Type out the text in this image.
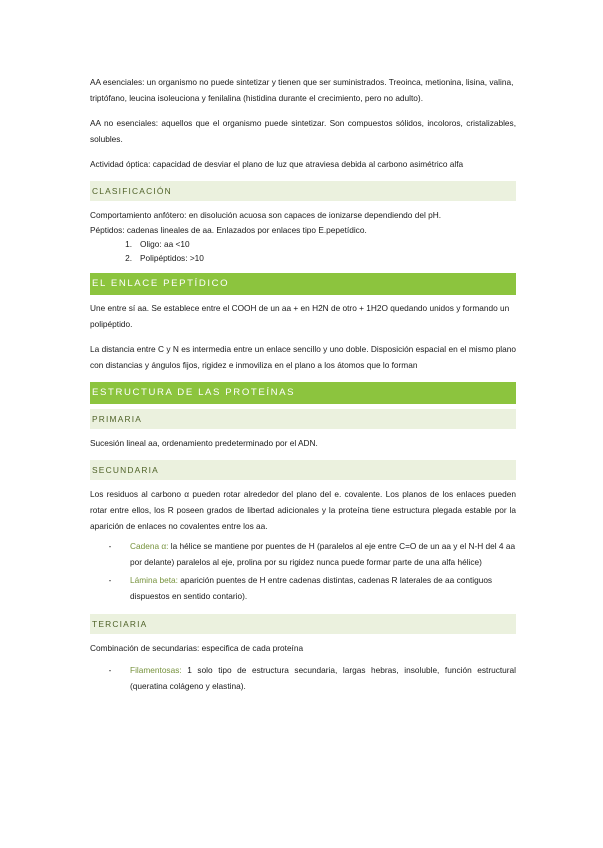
AA esenciales: un organismo no puede sintetizar y tienen que ser suministrados. Treoinca, metionina, lisina, valina, triptófano, leucina isoleuciona y fenilalina (histidina durante el crecimiento, pero no adulto).

AA no esenciales: aquellos que el organismo puede sintetizar. Son compuestos sólidos, incoloros, cristalizables, solubles.

Actividad óptica: capacidad de desviar el plano de luz que atraviesa debida al carbono asimétrico alfa

CLASIFICACIÓN

Comportamiento anfótero: en disolución acuosa son capaces de ionizarse dependiendo del pH.

Péptidos: cadenas lineales de aa. Enlazados por enlaces tipo E.pepetídico.

1. Oligo: aa <10
2. Polipéptidos: >10
EL ENLACE PEPTÍDICO

Une entre sí aa. Se establece entre el COOH de un aa + en H2N de otro + 1H2O quedando unidos y formando un polipéptido.

La distancia entre C y N es intermedia entre un enlace sencillo y uno doble. Disposición espacial en el mismo plano con distancias y ángulos fijos, rigidez e inmoviliza en el plano a los átomos que lo forman

ESTRUCTURA DE LAS PROTEÍNAS
PRIMARIA

Sucesión lineal aa, ordenamiento predeterminado por el ADN.

SECUNDARIA

Los residuos al carbono α pueden rotar alrededor del plano del e. covalente. Los planos de los enlaces pueden rotar entre ellos, los R poseen grados de libertad adicionales y la proteína tiene estructura plegada estable por la aparición de enlaces no covalentes entre los aa.

-	Cadena α: la hélice se mantiene por puentes de H (paralelos al eje entre C=O de un aa y el N-H del 4 aa por delante) paralelos al eje, prolina por su rigidez nunca puede formar parte de una alfa hélice)
-	Lámina beta: aparición puentes de H entre cadenas distintas, cadenas R laterales de aa contiguos dispuestos en sentido contario).
TERCIARIA

Combinación de secundarias: especifica de cada proteína

-	Filamentosas: 1 solo tipo de estructura secundaria, largas hebras, insoluble, función estructural (queratina colágeno y elastina).
